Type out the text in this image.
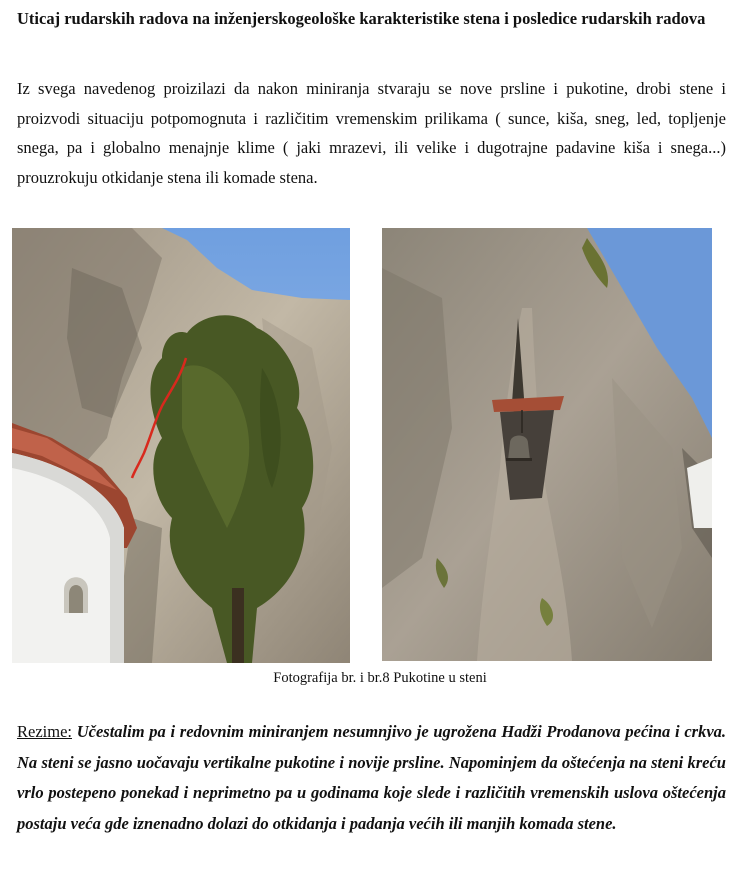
Uticaj rudarskih radova na inženjerskogeološke karakteristike stena i posledice rudarskih radova

Iz svega navedenog proizilazi da nakon miniranja stvaraju se nove prsline i pukotine, drobi stene i proizvodi situaciju potpomognuta i različitim vremenskim prilikama ( sunce, kiša, sneg, led, topljenje snega, pa i globalno menajnje klime ( jaki mrazevi, ili velike i dugotrajne padavine kiša i snega...) prouzrokuju otkidanje stena ili komade stena.

Fotografija br. i br.8 Pukotine u steni

Rezime: Učestalim pa i redovnim miniranjem nesumnjivo je ugrožena Hadži Prodanova pećina i crkva. Na steni se jasno uočavaju vertikalne pukotine i novije prsline. Napominjem da oštećenja na steni kreću vrlo postepeno ponekad i neprimetno pa u godinama koje slede i različitih vremenskih uslova oštećenja postaju veća gde iznenadno dolazi do otkidanja i padanja većih ili manjih komada stene.
